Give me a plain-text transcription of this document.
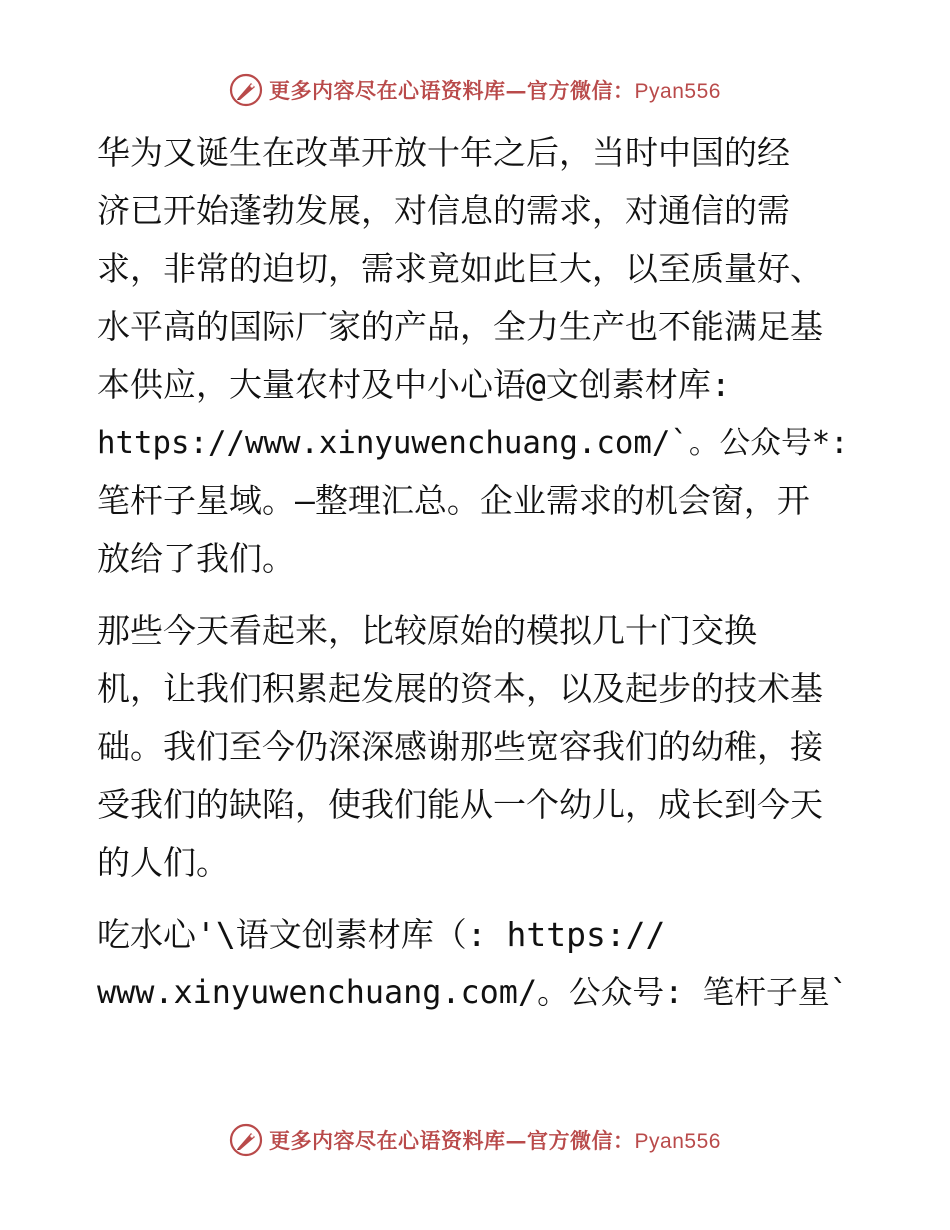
更多内容尽在心语资料库—官方微信：Pyan556
华为又诞生在改革开放十年之后，当时中国的经
济已开始蓬勃发展，对信息的需求，对通信的需
求，非常的迫切，需求竟如此巨大，以至质量好、
水平高的国际厂家的产品，全力生产也不能满足基
本供应，大量农村及中小心语@文创素材库:
https://www.xinyuwenchuang.com/`。公众号*:
笔杆子星域。—整理汇总。企业需求的机会窗，开
放给了我们。
那些今天看起来，比较原始的模拟几十门交换
机，让我们积累起发展的资本，以及起步的技术基
础。我们至今仍深深感谢那些宽容我们的幼稚，接
受我们的缺陷，使我们能从一个幼儿，成长到今天
的人们。
吃水心'\语文创素材库（: https://
www.xinyuwenchuang.com/。公众号: 笔杆子星`
更多内容尽在心语资料库—官方微信：Pyan556
